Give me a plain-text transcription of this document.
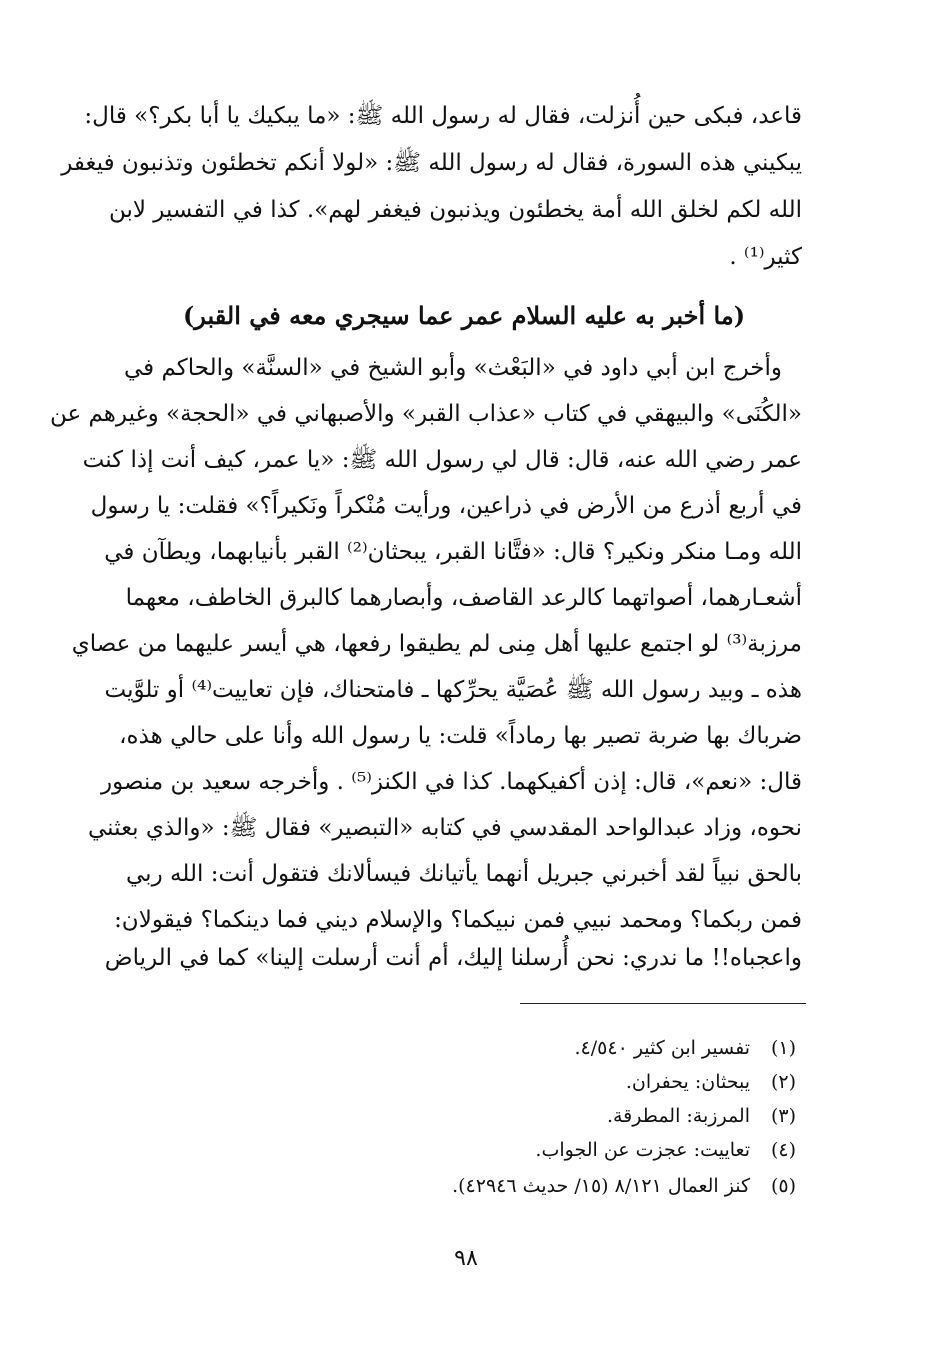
قاعد، فبكى حين أُنزلت، فقال له رسول الله ﷺ: «ما يبكيك يا أبا بكر؟» قال:
يبكيني هذه السورة، فقال له رسول الله ﷺ: «لولا أنكم تخطئون وتذنبون فيغفر
الله لكم لخلق الله أمة يخطئون ويذنبون فيغفر لهم». كذا في التفسير لابن
كثير⁽¹⁾ .
(ما أخبر به عليه السلام عمر عما سيجري معه في القبر)
وأخرج ابن أبي داود في «البَعْث» وأبو الشيخ في «السنَّة» والحاكم في
«الكُنَى» والبيهقي في كتاب «عذاب القبر» والأصبهاني في «الحجة» وغيرهم عن
عمر رضي الله عنه، قال: قال لي رسول الله ﷺ: «يا عمر، كيف أنت إذا كنت
في أربع أذرع من الأرض في ذراعين، ورأيت مُنْكراً ونَكيراً؟» فقلت: يا رسول
الله ومـا منكر ونكير؟ قال: «فتَّانا القبر، يبحثان⁽²⁾ القبر بأنيابهما، ويطآن في
أشعـارهما، أصواتهما كالرعد القاصف، وأبصارهما كالبرق الخاطف، معهما
مرزبة⁽³⁾ لو اجتمع عليها أهل مِنى لم يطيقوا رفعها، هي أيسر عليهما من عصاي
هذه ـ وبيد رسول الله ﷺ عُصَيَّة يحرِّكها ـ فامتحناك، فإن تعاييت⁽⁴⁾ أو تلوَّيت
ضرباك بها ضربة تصير بها رماداً» قلت: يا رسول الله وأنا على حالي هذه،
قال: «نعم»، قال: إذن أكفيكهما. كذا في الكنز⁽⁵⁾ . وأخرجه سعيد بن منصور
نحوه، وزاد عبدالواحد المقدسي في كتابه «التبصير» فقال ﷺ: «والذي بعثني
بالحق نبياً لقد أخبرني جبريل أنهما يأتيانك فيسألانك فتقول أنت: الله ربي
فمن ربكما؟ ومحمد نبيي فمن نبيكما؟ والإسلام ديني فما دينكما؟ فيقولان:
واعجباه!! ما ندري: نحن أُرسلنا إليك، أم أنت أرسلت إلينا» كما في الرياض
(١)تفسير ابن كثير ٤/٥٤٠.
(٢)يبحثان: يحفران.
(٣)المرزبة: المطرقة.
(٤)تعاييت: عجزت عن الجواب.
(٥)كنز العمال ٨/١٢١ (١٥/ حديث ٤٢٩٤٦).
٩٨
